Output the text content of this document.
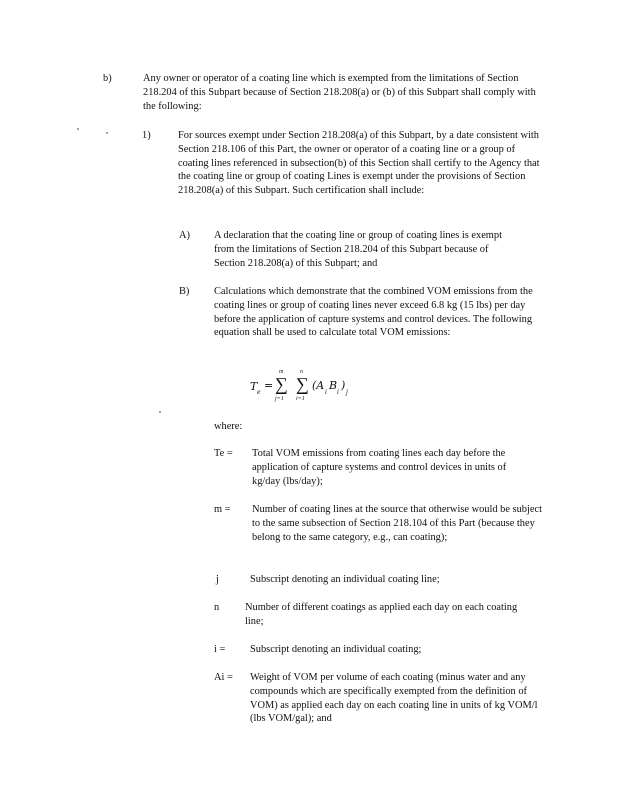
b)	Any owner or operator of a coating line which is exempted from the limitations of Section 218.204 of this Subpart because of Section 218.208(a) or (b) of this Subpart shall comply with the following:
1)	For sources exempt under Section 218.208(a) of this Subpart, by a date consistent with Section 218.106 of this Part, the owner or operator of a coating line or a group of coating lines referenced in subsection(b) of this Section shall certify to the Agency that the coating line or group of coating Lines is exempt under the provisions of Section 218.208(a) of this Subpart. Such certification shall include:
A) A declaration that the coating line or group of coating lines is exempt from the limitations of Section 218.204 of this Subpart because of Section 218.208(a) of this Subpart; and
B) Calculations which demonstrate that the combined VOM emissions from the coating lines or group of coating lines never exceed 6.8 kg (15 lbs) per day before the application of capture systems and control devices. The following equation shall be used to calculate total VOM emissions:
T e
=
m
∑
j=1
n
∑
i=1
(A
i
B
i
)
j
where:
Te = Total VOM emissions from coating lines each day before the application of capture systems and control devices in units of kg/day (lbs/day);
m = Number of coating lines at the source that otherwise would be subject to the same subsection of Section 218.104 of this Part (because they belong to the same category, e.g., can coating);
j	Subscript denoting an individual coating line;
n Number of different coatings as applied each day on each coating line;
i = Subscript denoting an individual coating;
Ai = Weight of VOM per volume of each coating (minus water and any compounds which are specifically exempted from the definition of VOM) as applied each day on each coating line in units of kg VOM/l (lbs VOM/gal); and
